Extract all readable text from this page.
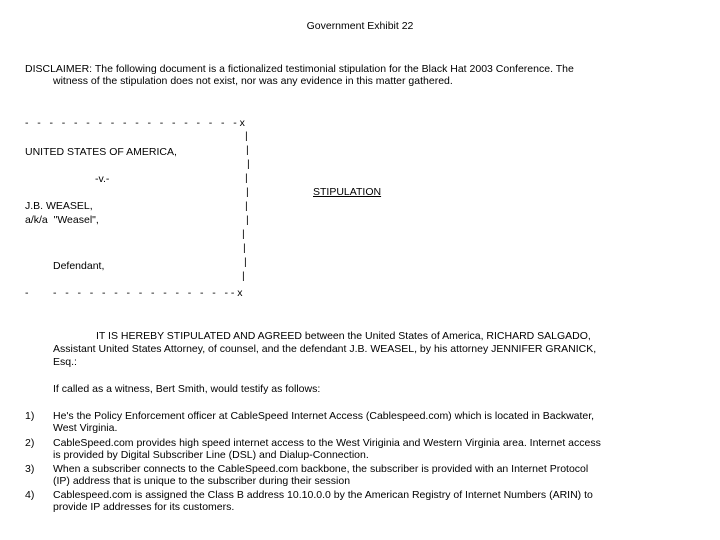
Government Exhibit 22
DISCLAIMER: The following document is a fictionalized testimonial stipulation for the Black Hat 2003 Conference. The
witness of the stipulation does not exist, nor was any evidence in this matter gathered.
-   -   -   -   -   -   -   -   -   -   -   -   -   -   -   -   -   - x
|
|
|
|
|
|
|
|
|
|
|
UNITED STATES OF AMERICA,
-v.-
STIPULATION
J.B. WEASEL,
a/k/a  "Weasel",
Defendant,
- -   -   -   -   -   -   -   -   -   -   -   -   -   -   - - x
IT IS HEREBY STIPULATED AND AGREED between the United States of America, RICHARD SALGADO,
Assistant United States Attorney, of counsel, and the defendant J.B. WEASEL, by his attorney JENNIFER GRANICK,
Esq.:
If called as a witness, Bert Smith, would testify as follows:
1) He's the Policy Enforcement officer at CableSpeed Internet Access (Cablespeed.com) which is located in Backwater,
West Virginia.
2) CableSpeed.com provides high speed internet access to the West Viriginia and Western Virginia area. Internet access
is provided by Digital Subscriber Line (DSL) and Dialup-Connection.
3) When a subscriber connects to the CableSpeed.com backbone, the subscriber is provided with an Internet Protocol
(IP) address that is unique to the subscriber during their session
4) Cablespeed.com is assigned the Class B address 10.10.0.0 by the American Registry of Internet Numbers (ARIN) to
provide IP addresses for its customers.
